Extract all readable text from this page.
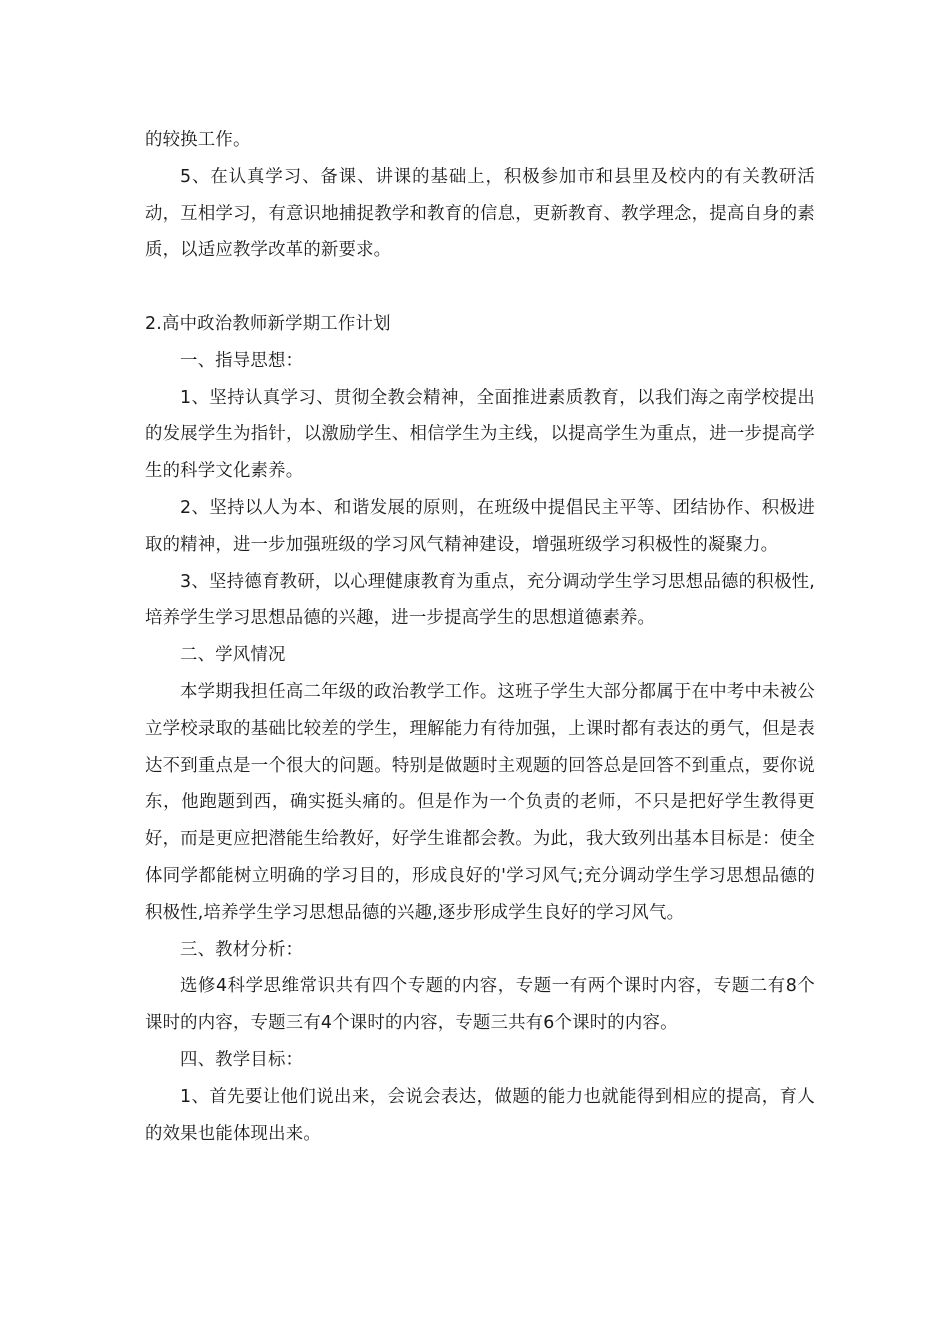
的较换工作。

5、在认真学习、备课、讲课的基础上，积极参加市和县里及校内的有关教研活动，互相学习，有意识地捕捉教学和教育的信息，更新教育、教学理念，提高自身的素质，以适应教学改革的新要求。

2.高中政治教师新学期工作计划

一、指导思想：

1、坚持认真学习、贯彻全教会精神，全面推进素质教育，以我们海之南学校提出的发展学生为指针，以激励学生、相信学生为主线，以提高学生为重点，进一步提高学生的科学文化素养。

2、坚持以人为本、和谐发展的原则，在班级中提倡民主平等、团结协作、积极进取的精神，进一步加强班级的学习风气精神建设，增强班级学习积极性的凝聚力。

3、坚持德育教研，以心理健康教育为重点，充分调动学生学习思想品德的积极性,培养学生学习思想品德的兴趣，进一步提高学生的思想道德素养。

二、学风情况

本学期我担任高二年级的政治教学工作。这班子学生大部分都属于在中考中未被公立学校录取的基础比较差的学生，理解能力有待加强，上课时都有表达的勇气，但是表达不到重点是一个很大的问题。特别是做题时主观题的回答总是回答不到重点，要你说东，他跑题到西，确实挺头痛的。但是作为一个负责的老师，不只是把好学生教得更好，而是更应把潜能生给教好，好学生谁都会教。为此，我大致列出基本目标是：使全体同学都能树立明确的学习目的，形成良好的'学习风气;充分调动学生学习思想品德的积极性,培养学生学习思想品德的兴趣,逐步形成学生良好的学习风气。

三、教材分析：

选修4科学思维常识共有四个专题的内容，专题一有两个课时内容，专题二有8个课时的内容，专题三有4个课时的内容，专题三共有6个课时的内容。

四、教学目标：

1、首先要让他们说出来，会说会表达，做题的能力也就能得到相应的提高，育人的效果也能体现出来。
